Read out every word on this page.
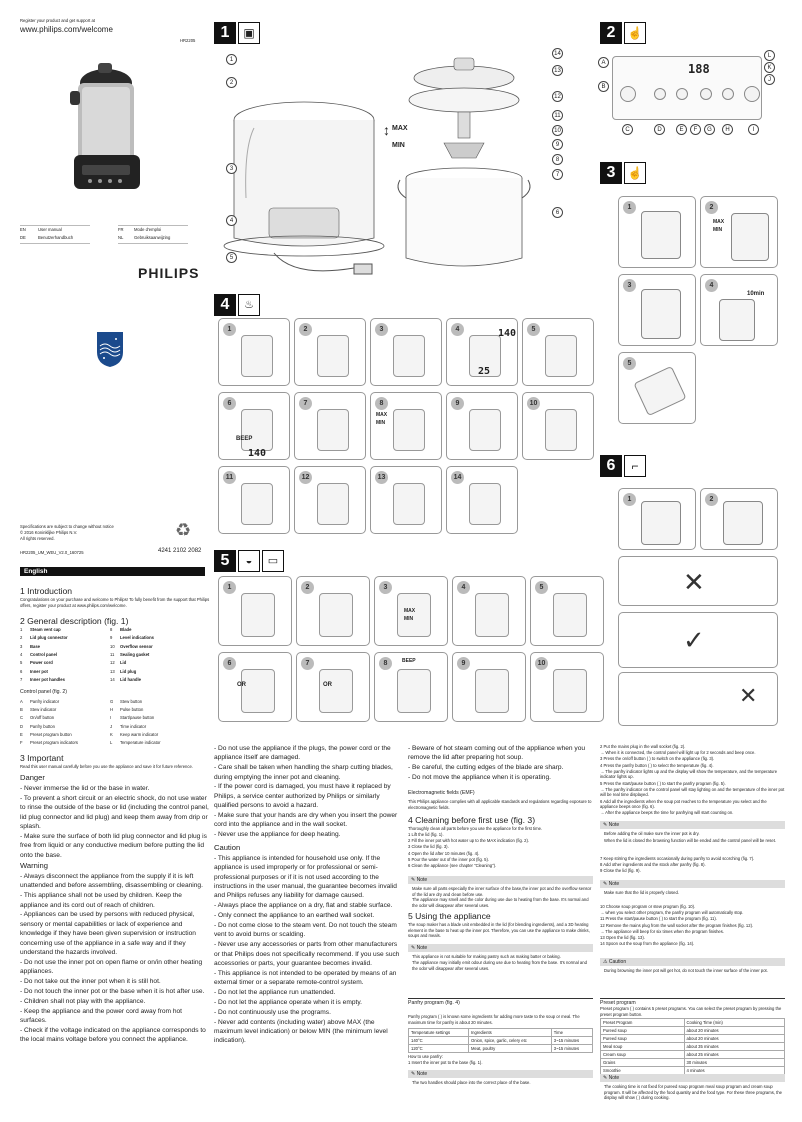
Register your product and get support at
www.philips.com/welcome
HR2205
EN	User manual
DE	Benutzerhandbuch
FR Mode d'emploi
NL	Gebruiksaanwijzing
PHILIPS
Specifications are subject to change without notice
© 2016 Koninklijke Philips N.V.
All rights reserved.	♻
HR2205_UM_WEU_V2.0_160725	4241 2102 2082
1	▣
MAX
MIN
↕
1
2
3
4
5
14
13
12
11
10
9
8
7
6
2	☝
188
A
B
L
K
J
C	D	E	F	G	H	I
3	☝
1	2
MAX
MIN
3	4
10min
5
6	⌐
1	2
✕
✓
✕
4	♨
1	2	3	4	5
6	7	8	9	10
11	12	13	14
140
25
BEEP
140
MAX
MIN
5	◒	▭
1	2	3	4	5
6	7	8	9	10
OR	OR
MAX
MIN
BEEP
English
1 Introduction
Congratulations on your purchase and welcome to Philips! To fully benefit from the support that Philips offers, register your product at www.philips.com/welcome.
2 General description (fig. 1)
1 Steam vent cap	8 Blade
2 Lid plug connector	9 Level indications
3 Base	10 Overflow sensor
4 Control panel	11 Sealing gasket
5 Power cord	12 Lid
6 Inner pot	13 Lid plug
7 Inner pot handles	14 Lid handle
Control panel (fig. 2)
A Panfry indicator	G Stew button
B Stew indicator	H Pulse button
C On/off button	I Start/pause button
D Panfry button	J Time indicator
E Preset program button	K Keep warm indicator
F Preset program indicators	L Temperature indicator
3 Important
Read this user manual carefully before you use the appliance and save it for future reference.
Danger
- Never immerse the lid or the base in water.
- To prevent a short circuit or an electric shock, do not use water to rinse the outside of the base or lid (including the control panel, lid plug connector and lid plug) and keep them away from drip or splash.
- Make sure the surface of both lid plug connector and lid plug is free from liquid or any conductive medium before putting the lid onto the base.
Warning
- Always disconnect the appliance from the supply if it is left unattended and before assembling, disassembling or cleaning.
- This appliance shall not be used by children. Keep the appliance and its cord out of reach of children.
- Appliances can be used by persons with reduced physical, sensory or mental capabilities or lack of experience and knowledge if they have been given supervision or instruction concerning use of the appliance in a safe way and if they understand the hazards involved.
- Do not use the inner pot on open flame or on/in other heating appliances.
- Do not take out the inner pot when it is still hot.
- Do not touch the inner pot or the base when it is hot after use.
- Children shall not play with the appliance.
- Keep the appliance and the power cord away from hot surfaces.
- Check if the voltage indicated on the appliance corresponds to the local mains voltage before you connect the appliance.
- Do not use the appliance if the plugs, the power cord or the appliance itself are damaged.
- Care shall be taken when handling the sharp cutting blades, during emptying the inner pot and cleaning.
- If the power cord is damaged, you must have it replaced by Philips, a service center authorized by Philips or similarly qualified persons to avoid a hazard.
- Make sure that your hands are dry when you insert the power cord into the appliance and in the wall socket.
- Never use the appliance for deep heating.
Caution
- This appliance is intended for household use only. If the appliance is used improperly or for professional or semi-professional purposes or if it is not used according to the instructions in the user manual, the guarantee becomes invalid and Philips refuses any liability for damage caused.
- Always place the appliance on a dry, flat and stable surface.
- Only connect the appliance to an earthed wall socket.
- Do not come close to the steam vent. Do not touch the steam vent to avoid burns or scalding.
- Never use any accessories or parts from other manufacturers or that Philips does not specifically recommend. If you use such accessories or parts, your guarantee becomes invalid.
- This appliance is not intended to be operated by means of an external timer or a separate remote-control system.
- Do not let the appliance run unattended.
- Do not let the appliance operate when it is empty.
- Do not continuously use the programs.
- Never add contents (including water) above MAX (the maximum level indication) or below MIN (the minimum level indication).
- Beware of hot steam coming out of the appliance when you remove the lid after preparing hot soup.
- Be careful, the cutting edges of the blade are sharp.
- Do not move the appliance when it is operating.
Electromagnetic fields (EMF)
This Philips appliance complies with all applicable standards and regulations regarding exposure to electromagnetic fields.
4 Cleaning before first use (fig. 3)
Thoroughly clean all parts before you use the appliance for the first time.
1 Lift the lid (fig. 1).
2 Fill the inner pot with hot water up to the MAX indication (fig. 2).
3 Close the lid (fig. 3).
4 Open the lid after 10 minutes (fig. 4).
5 Pour the water out of the inner pot (fig. 5).
6 Clean the appliance (see chapter "Cleaning").
✎ Note
Make sure all parts especially the inner surface of the base,the inner pot and the overflow sensor of the lid are dry and clean before use.
The appliance may smell and the color during use due to heating from the base. It's normal and the odor will disappear after several uses.
5 Using the appliance
The soup maker has a blade unit embedded in the lid (for blending ingredients), and a 3D heating element in the base to heat up the inner pot. Therefore, you can use the appliance to make drinks, soups and meals.
✎ Note
This appliance is not suitable for making pastry such as making batter or baking.
The appliance may initially emit odour during use due to heating from the base. It's normal and the odor will disappear after several uses.
Panfry program (fig. 4)
Panfry program ( ) is known some ingredients for adding more taste to the soup or meal. The maximum time for panfry is about 20 minutes.
Temperature settings	Ingredients	Time
140°C	Onion, spice, garlic, celery etc	3~15 minutes
120°C	Meat, poultry	3~15 minutes
How to use panfry:
1 Insert the inner pot to the base (fig. 1).
✎ Note
The two handles should place into the correct place of the base.
2 Put the mains plug in the wall socket (fig. 2).
→ When it is connected, the control panel will light up for 2 seconds and beep once.
3 Press the on/off button ( ) to switch on the appliance (fig. 3).
4 Press the panfry button ( ) to select the temperature (fig. 4).
→ The panfry indicator lights up and the display will show the temperature, and the temperature indicator lights up.
5 Press the start/pause button ( ) to start the panfry program (fig. 5).
→ The panfry indicator on the control panel will stay lighting on and the temperature of the inner pot will be real time displayed.
6 Add all the ingredients when the soup pot reaches to the temperature you select and the appliance beeps once (fig. 6).
→ After the appliance beeps the time for panfrying will start counting on.
✎ Note
Before adding the oil make sure the inner pot is dry.
When the lid is closed the browning function will be ended and the control panel will be reset.
7 Keep stirring the ingredients occasionally during panfry to avoid scorching (fig. 7).
8 Add other ingredients and the stock after panfry (fig. 8).
9 Close the lid (fig. 9).
✎ Note
Make sure that the lid is properly closed.
10 Choose soup program or stew program (fig. 10).
→ when you select other program, the panfry program will automatically stop.
11 Press the start/pause button ( ) to start the program (fig. 11).
12 Remove the mains plug from the wall socket after the program finishes (fig. 12).
→ The appliance will beep for six times when the program finishes.
13 Open the lid (fig. 13).
14 Spoon out the soup from the appliance (fig. 14).
⚠ Caution
During browning the inner pot will get hot, do not touch the inner surface of the inner pot.
Preset program
Preset program ( ) contains 5 preset programs. You can select the preset program by pressing the preset program button.
Preset Program	Cooking Time (min)
Pureed soup	about 20 minutes
Pureed soup	about 20 minutes
Meal soup	about 35 minutes
Cream soup	about 25 minutes
Grains	30 minutes
Smoothie	4 minutes
✎ Note
The cooking time is not fixed for pureed soup program meal soup program and cream soup program. It will be affected by the food quantity and the food type. For these three programs, the display will show ( ) during cooking.
